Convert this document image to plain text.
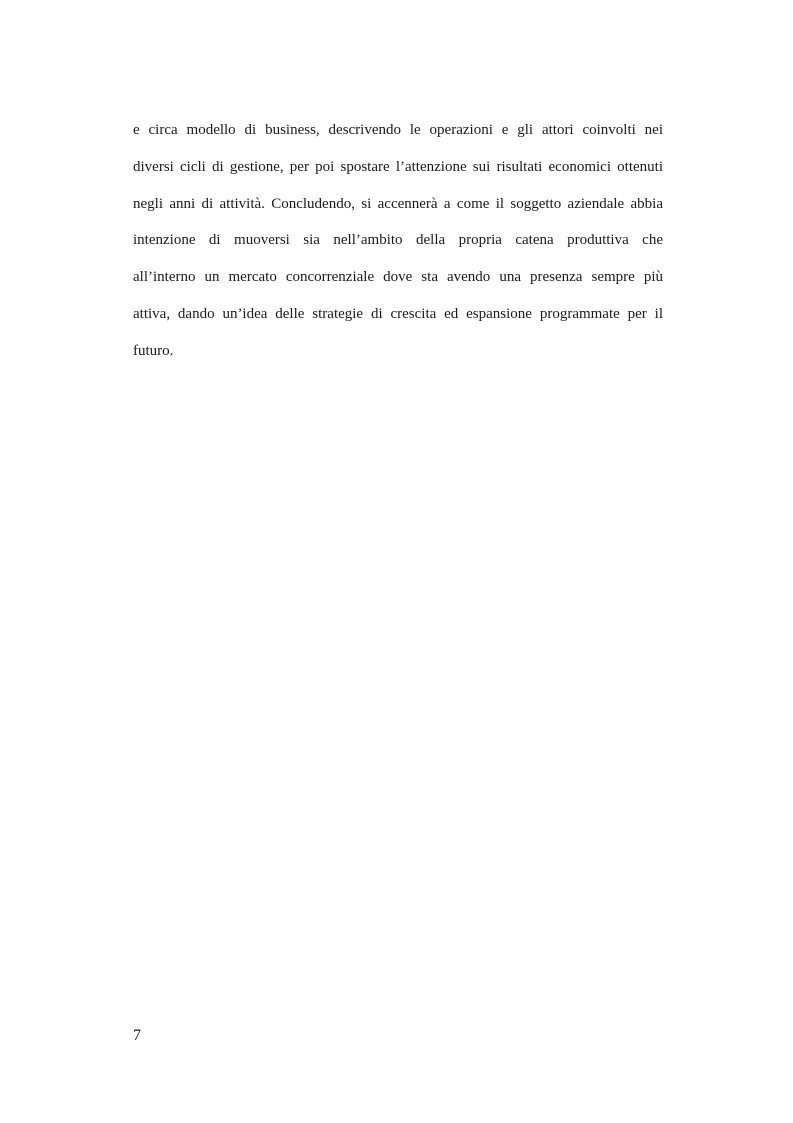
e circa modello di business, descrivendo le operazioni e gli attori coinvolti nei
diversi cicli di gestione, per poi spostare l’attenzione sui risultati economici ottenuti
negli anni di attività. Concludendo, si accennerà a come il soggetto aziendale abbia
intenzione di muoversi sia nell’ambito della propria catena produttiva che
all’interno un mercato concorrenziale dove sta avendo una presenza sempre più
attiva, dando un’idea delle strategie di crescita ed espansione programmate per il
futuro.

7
